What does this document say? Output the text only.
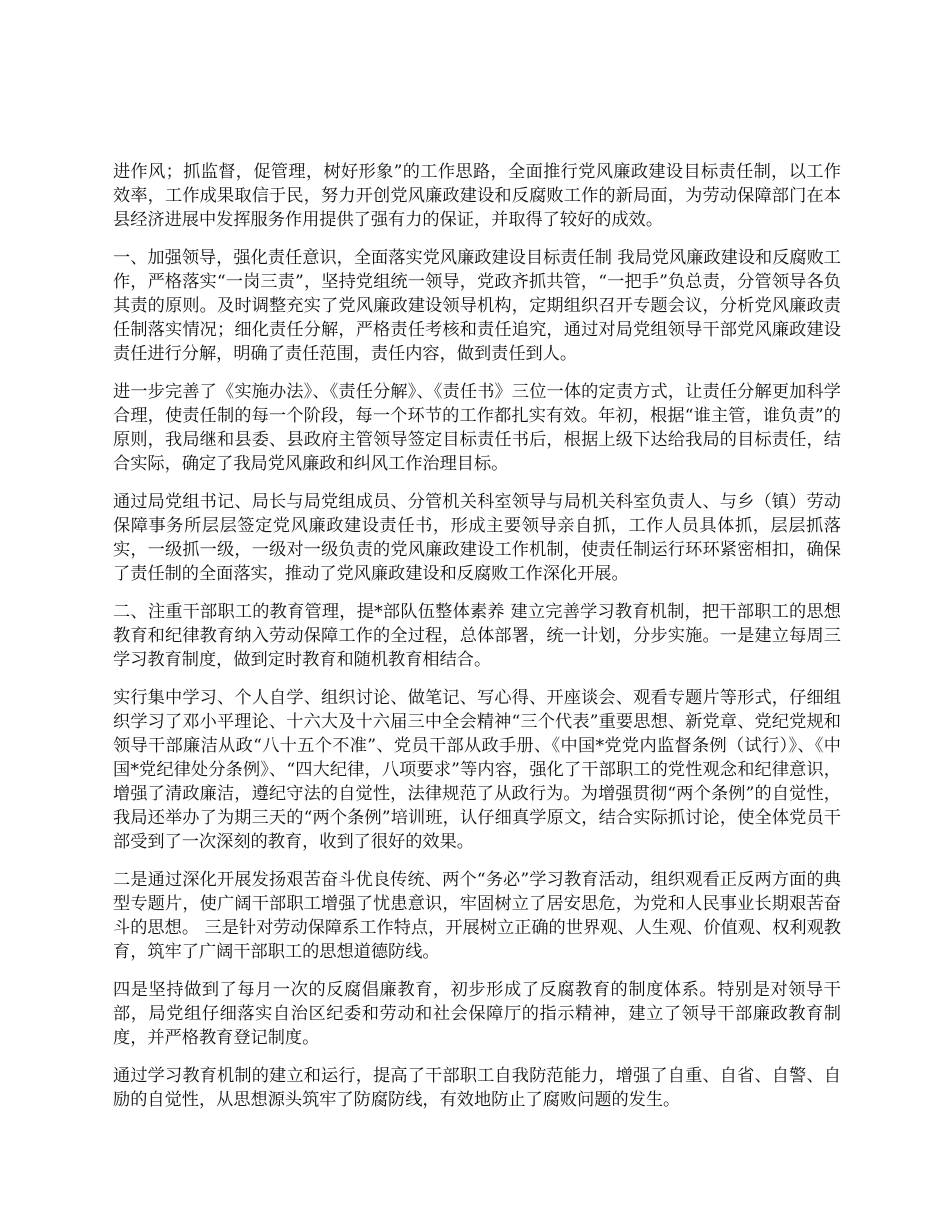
进作风；抓监督，促管理，树好形象”的工作思路，全面推行党风廉政建设目标责任制，以工作效率，工作成果取信于民，努力开创党风廉政建设和反腐败工作的新局面，为劳动保障部门在本县经济进展中发挥服务作用提供了强有力的保证，并取得了较好的成效。

一、加强领导，强化责任意识，全面落实党风廉政建设目标责任制 我局党风廉政建设和反腐败工作，严格落实“一岗三责”，坚持党组统一领导，党政齐抓共管，“一把手”负总责，分管领导各负其责的原则。及时调整充实了党风廉政建设领导机构，定期组织召开专题会议，分析党风廉政责任制落实情况；细化责任分解，严格责任考核和责任追究，通过对局党组领导干部党风廉政建设责任进行分解，明确了责任范围，责任内容，做到责任到人。

进一步完善了《实施办法》、《责任分解》、《责任书》三位一体的定责方式，让责任分解更加科学合理，使责任制的每一个阶段，每一个环节的工作都扎实有效。年初，根据“谁主管，谁负责”的原则，我局继和县委、县政府主管领导签定目标责任书后，根据上级下达给我局的目标责任，结合实际，确定了我局党风廉政和纠风工作治理目标。

通过局党组书记、局长与局党组成员、分管机关科室领导与局机关科室负责人、与乡（镇）劳动保障事务所层层签定党风廉政建设责任书，形成主要领导亲自抓，工作人员具体抓，层层抓落实，一级抓一级，一级对一级负责的党风廉政建设工作机制，使责任制运行环环紧密相扣，确保了责任制的全面落实，推动了党风廉政建设和反腐败工作深化开展。

二、注重干部职工的教育管理，提*部队伍整体素养 建立完善学习教育机制，把干部职工的思想教育和纪律教育纳入劳动保障工作的全过程，总体部署，统一计划，分步实施。一是建立每周三学习教育制度，做到定时教育和随机教育相结合。

实行集中学习、个人自学、组织讨论、做笔记、写心得、开座谈会、观看专题片等形式，仔细组织学习了邓小平理论、十六大及十六届三中全会精神“三个代表”重要思想、新党章、党纪党规和领导干部廉洁从政“八十五个不准”、党员干部从政手册、《中国*党党内监督条例（试行）》、《中国*党纪律处分条例》、“四大纪律，八项要求”等内容，强化了干部职工的党性观念和纪律意识，增强了清政廉洁，遵纪守法的自觉性，法律规范了从政行为。为增强贯彻“两个条例”的自觉性，我局还举办了为期三天的“两个条例”培训班，认仔细真学原文，结合实际抓讨论，使全体党员干部受到了一次深刻的教育，收到了很好的效果。

二是通过深化开展发扬艰苦奋斗优良传统、两个“务必”学习教育活动，组织观看正反两方面的典型专题片，使广阔干部职工增强了忧患意识，牢固树立了居安思危，为党和人民事业长期艰苦奋斗的思想。 三是针对劳动保障系工作特点，开展树立正确的世界观、人生观、价值观、权利观教育，筑牢了广阔干部职工的思想道德防线。

四是坚持做到了每月一次的反腐倡廉教育，初步形成了反腐教育的制度体系。特别是对领导干部，局党组仔细落实自治区纪委和劳动和社会保障厅的指示精神，建立了领导干部廉政教育制度，并严格教育登记制度。

通过学习教育机制的建立和运行，提高了干部职工自我防范能力，增强了自重、自省、自警、自励的自觉性，从思想源头筑牢了防腐防线，有效地防止了腐败问题的发生。
